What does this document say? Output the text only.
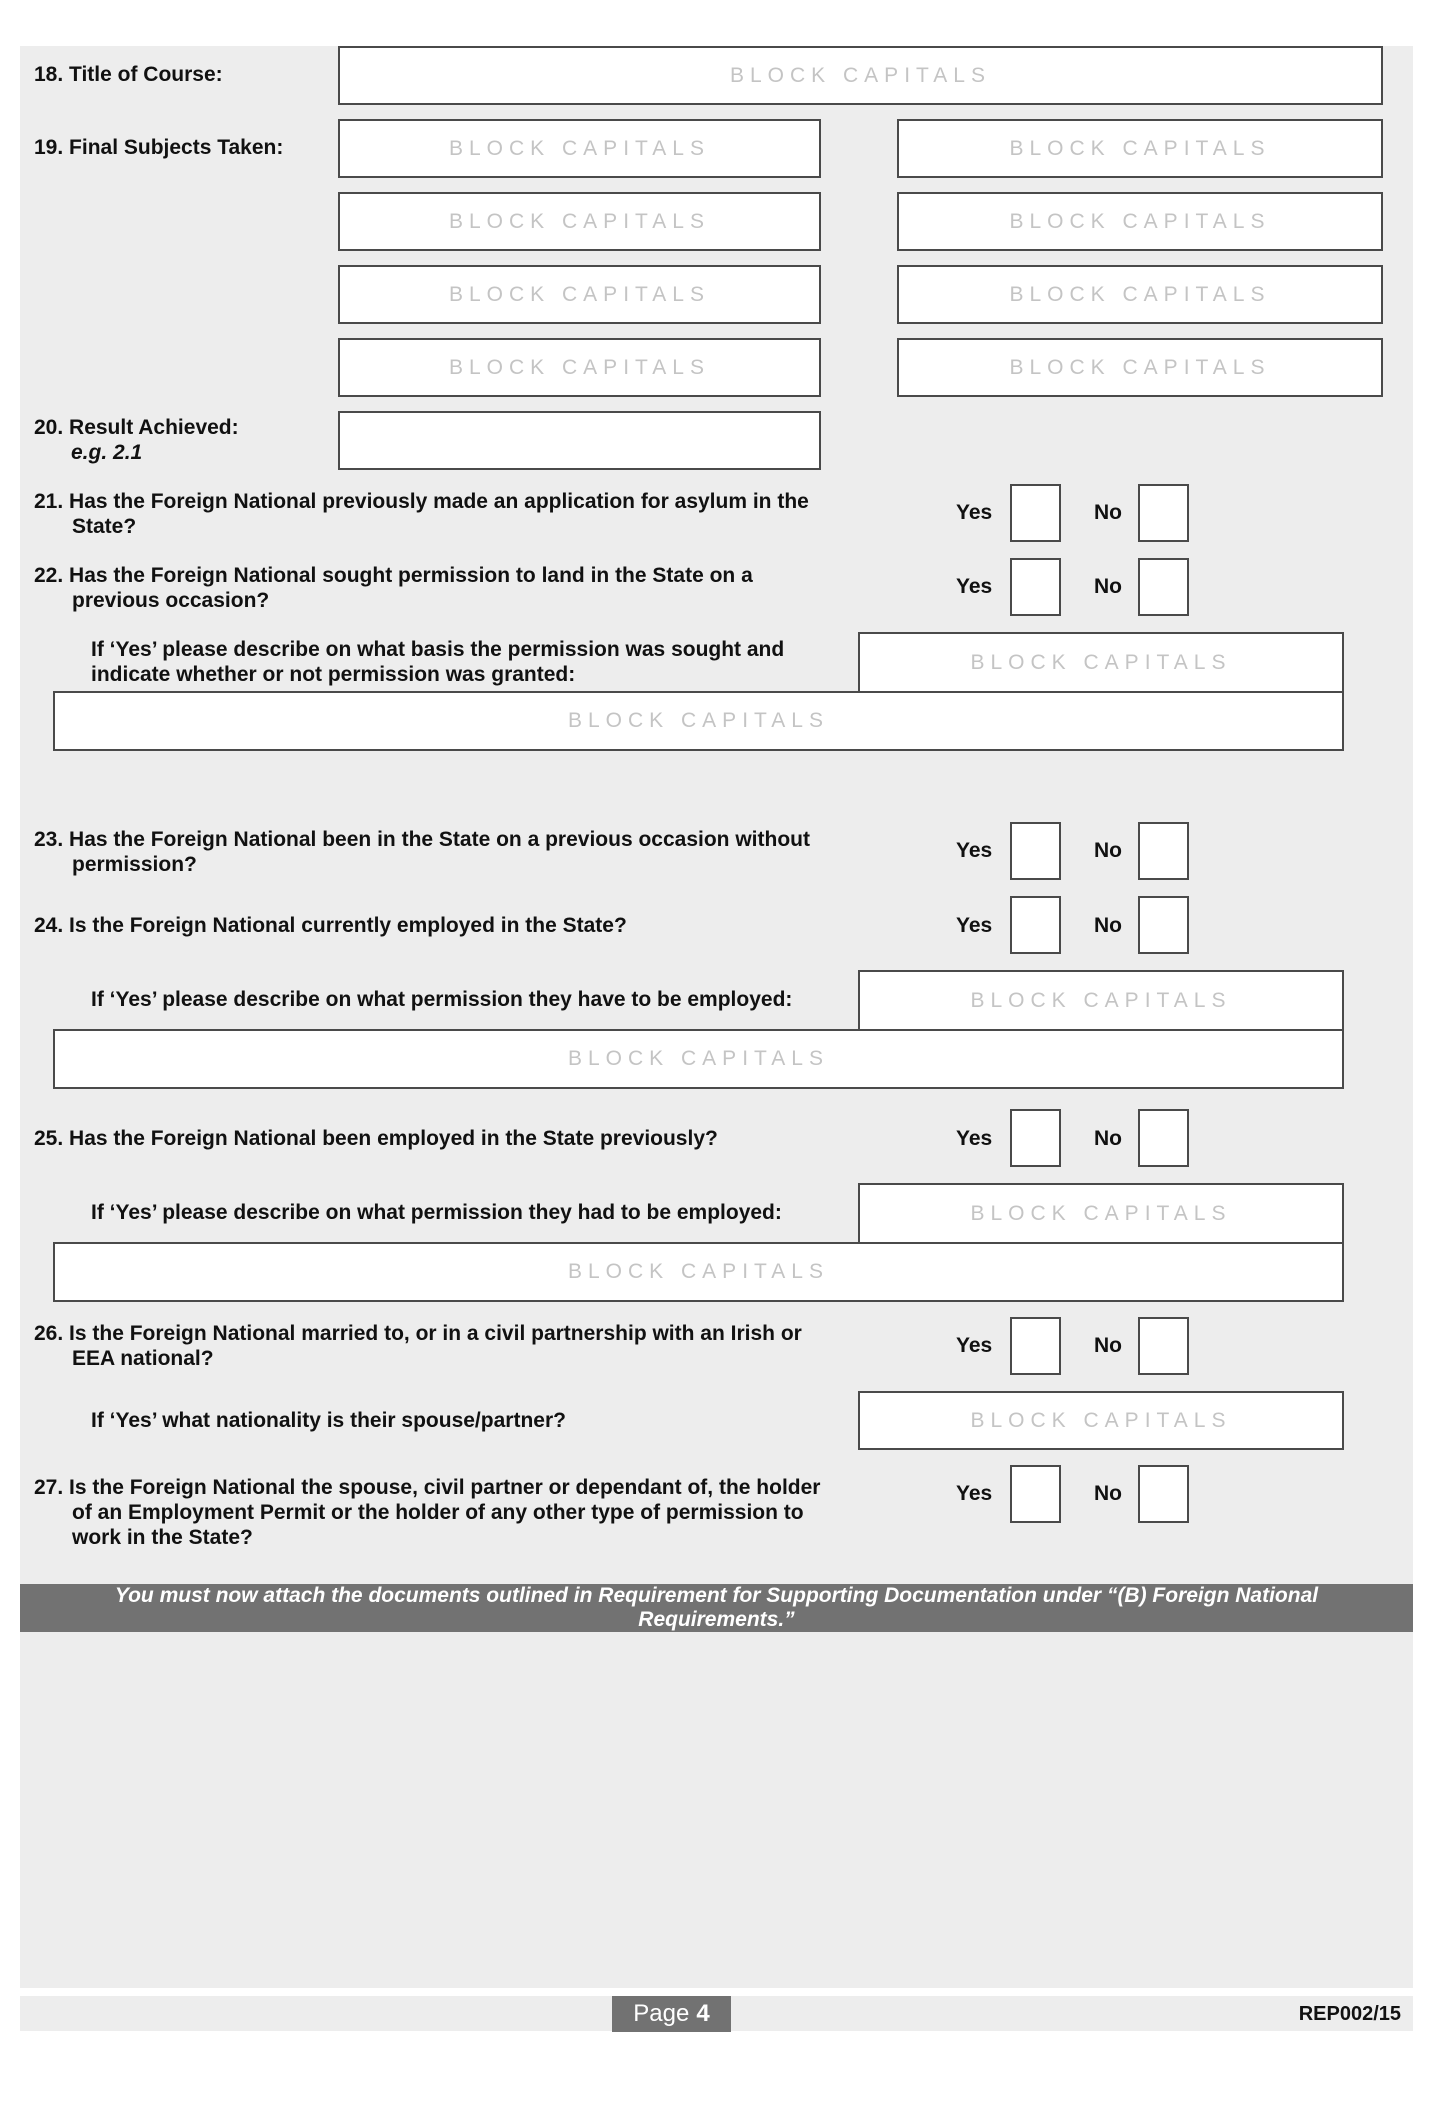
18. Title of Course:	BLOCK CAPITALS
19. Final Subjects Taken:	BLOCK CAPITALS	BLOCK CAPITALS
BLOCK CAPITALS	BLOCK CAPITALS
BLOCK CAPITALS	BLOCK CAPITALS
BLOCK CAPITALS	BLOCK CAPITALS
20. Result Achieved:
e.g. 2.1
21. Has the Foreign National previously made an application for asylum in the
State?
Yes	No
22. Has the Foreign National sought permission to land in the State on a
previous occasion?
Yes	No
If ‘Yes’ please describe on what basis the permission was sought and
indicate whether or not permission was granted:
BLOCK CAPITALS
BLOCK CAPITALS
23. Has the Foreign National been in the State on a previous occasion without
permission?
Yes	No
24. Is the Foreign National currently employed in the State?	Yes	No
If ‘Yes’ please describe on what permission they have to be employed:	BLOCK CAPITALS
BLOCK CAPITALS
25. Has the Foreign National been employed in the State previously?	Yes	No
If ‘Yes’ please describe on what permission they had to be employed:	BLOCK CAPITALS
BLOCK CAPITALS
26. Is the Foreign National married to, or in a civil partnership with an Irish or
EEA national?
Yes	No
If ‘Yes’ what nationality is their spouse/partner?	BLOCK CAPITALS
27. Is the Foreign National the spouse, civil partner or dependant of, the holder
of an Employment Permit or the holder of any other type of permission to
work in the State?
Yes	No
You must now attach the documents outlined in Requirement for Supporting Documentation under “(B) Foreign National
Requirements.”
Page 4	REP002/15
